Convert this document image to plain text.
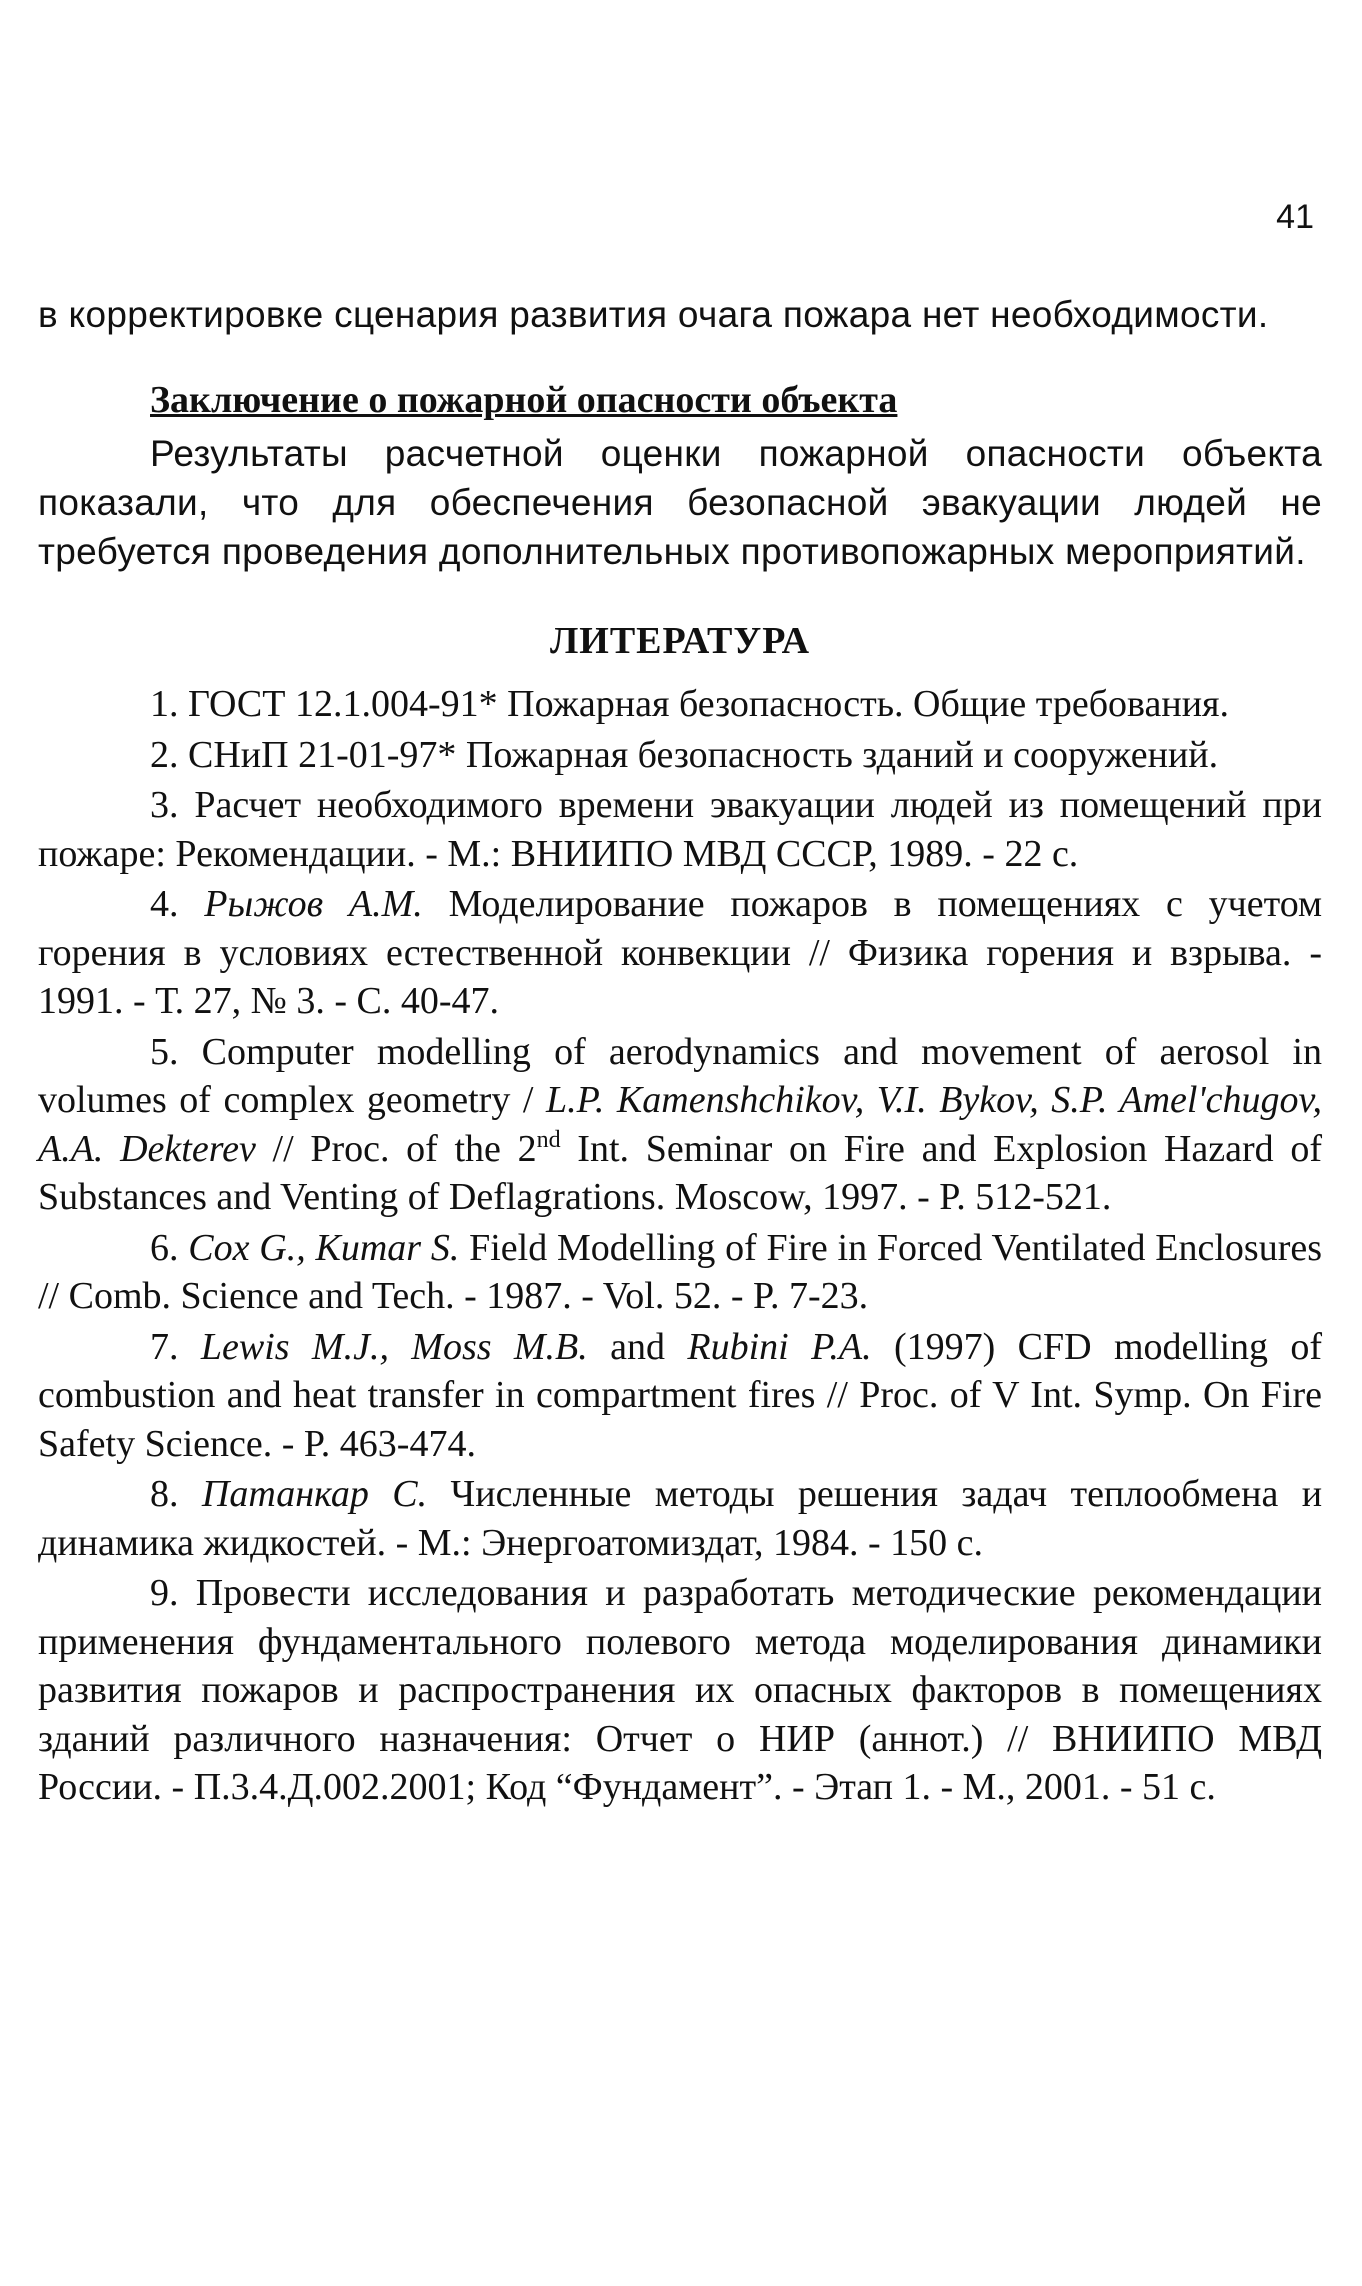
41

в корректировке сценария развития очага пожара нет необходимости.

Заключение о пожарной опасности объекта

Результаты расчетной оценки пожарной опасности объекта показали, что для обеспечения безопасной эвакуации людей не требуется проведения дополнительных противопожарных мероприятий.

ЛИТЕРАТУРА

1. ГОСТ 12.1.004-91* Пожарная безопасность. Общие требования.

2. СНиП 21-01-97* Пожарная безопасность зданий и сооружений.

3. Расчет необходимого времени эвакуации людей из помещений при пожаре: Рекомендации. - М.: ВНИИПО МВД СССР, 1989. - 22 с.

4. Рыжов А.М. Моделирование пожаров в помещениях с учетом горения в условиях естественной конвекции // Физика горения и взрыва. - 1991. - Т. 27, № 3. - С. 40-47.

5. Computer modelling of aerodynamics and movement of aerosol in volumes of complex geometry / L.P. Kamenshchikov, V.I. Bykov, S.P. Amel'chugov, A.A. Dekterev // Proc. of the 2nd Int. Seminar on Fire and Explosion Hazard of Substances and Venting of Deflagrations. Moscow, 1997. - P. 512-521.

6. Cox G., Kumar S. Field Modelling of Fire in Forced Ventilated Enclosures // Comb. Science and Tech. - 1987. - Vol. 52. - P. 7-23.

7. Lewis M.J., Moss M.B. and Rubini P.A. (1997) CFD modelling of combustion and heat transfer in compartment fires // Proc. of V Int. Symp. On Fire Safety Science. - P. 463-474.

8. Патанкар С. Численные методы решения задач теплообмена и динамика жидкостей. - М.: Энергоатомиздат, 1984. - 150 с.

9. Провести исследования и разработать методические рекомендации применения фундаментального полевого метода моделирования динамики развития пожаров и распространения их опасных факторов в помещениях зданий различного назначения: Отчет о НИР (аннот.) // ВНИИПО МВД России. - П.3.4.Д.002.2001; Код “Фундамент”. - Этап 1. - М., 2001. - 51 с.
